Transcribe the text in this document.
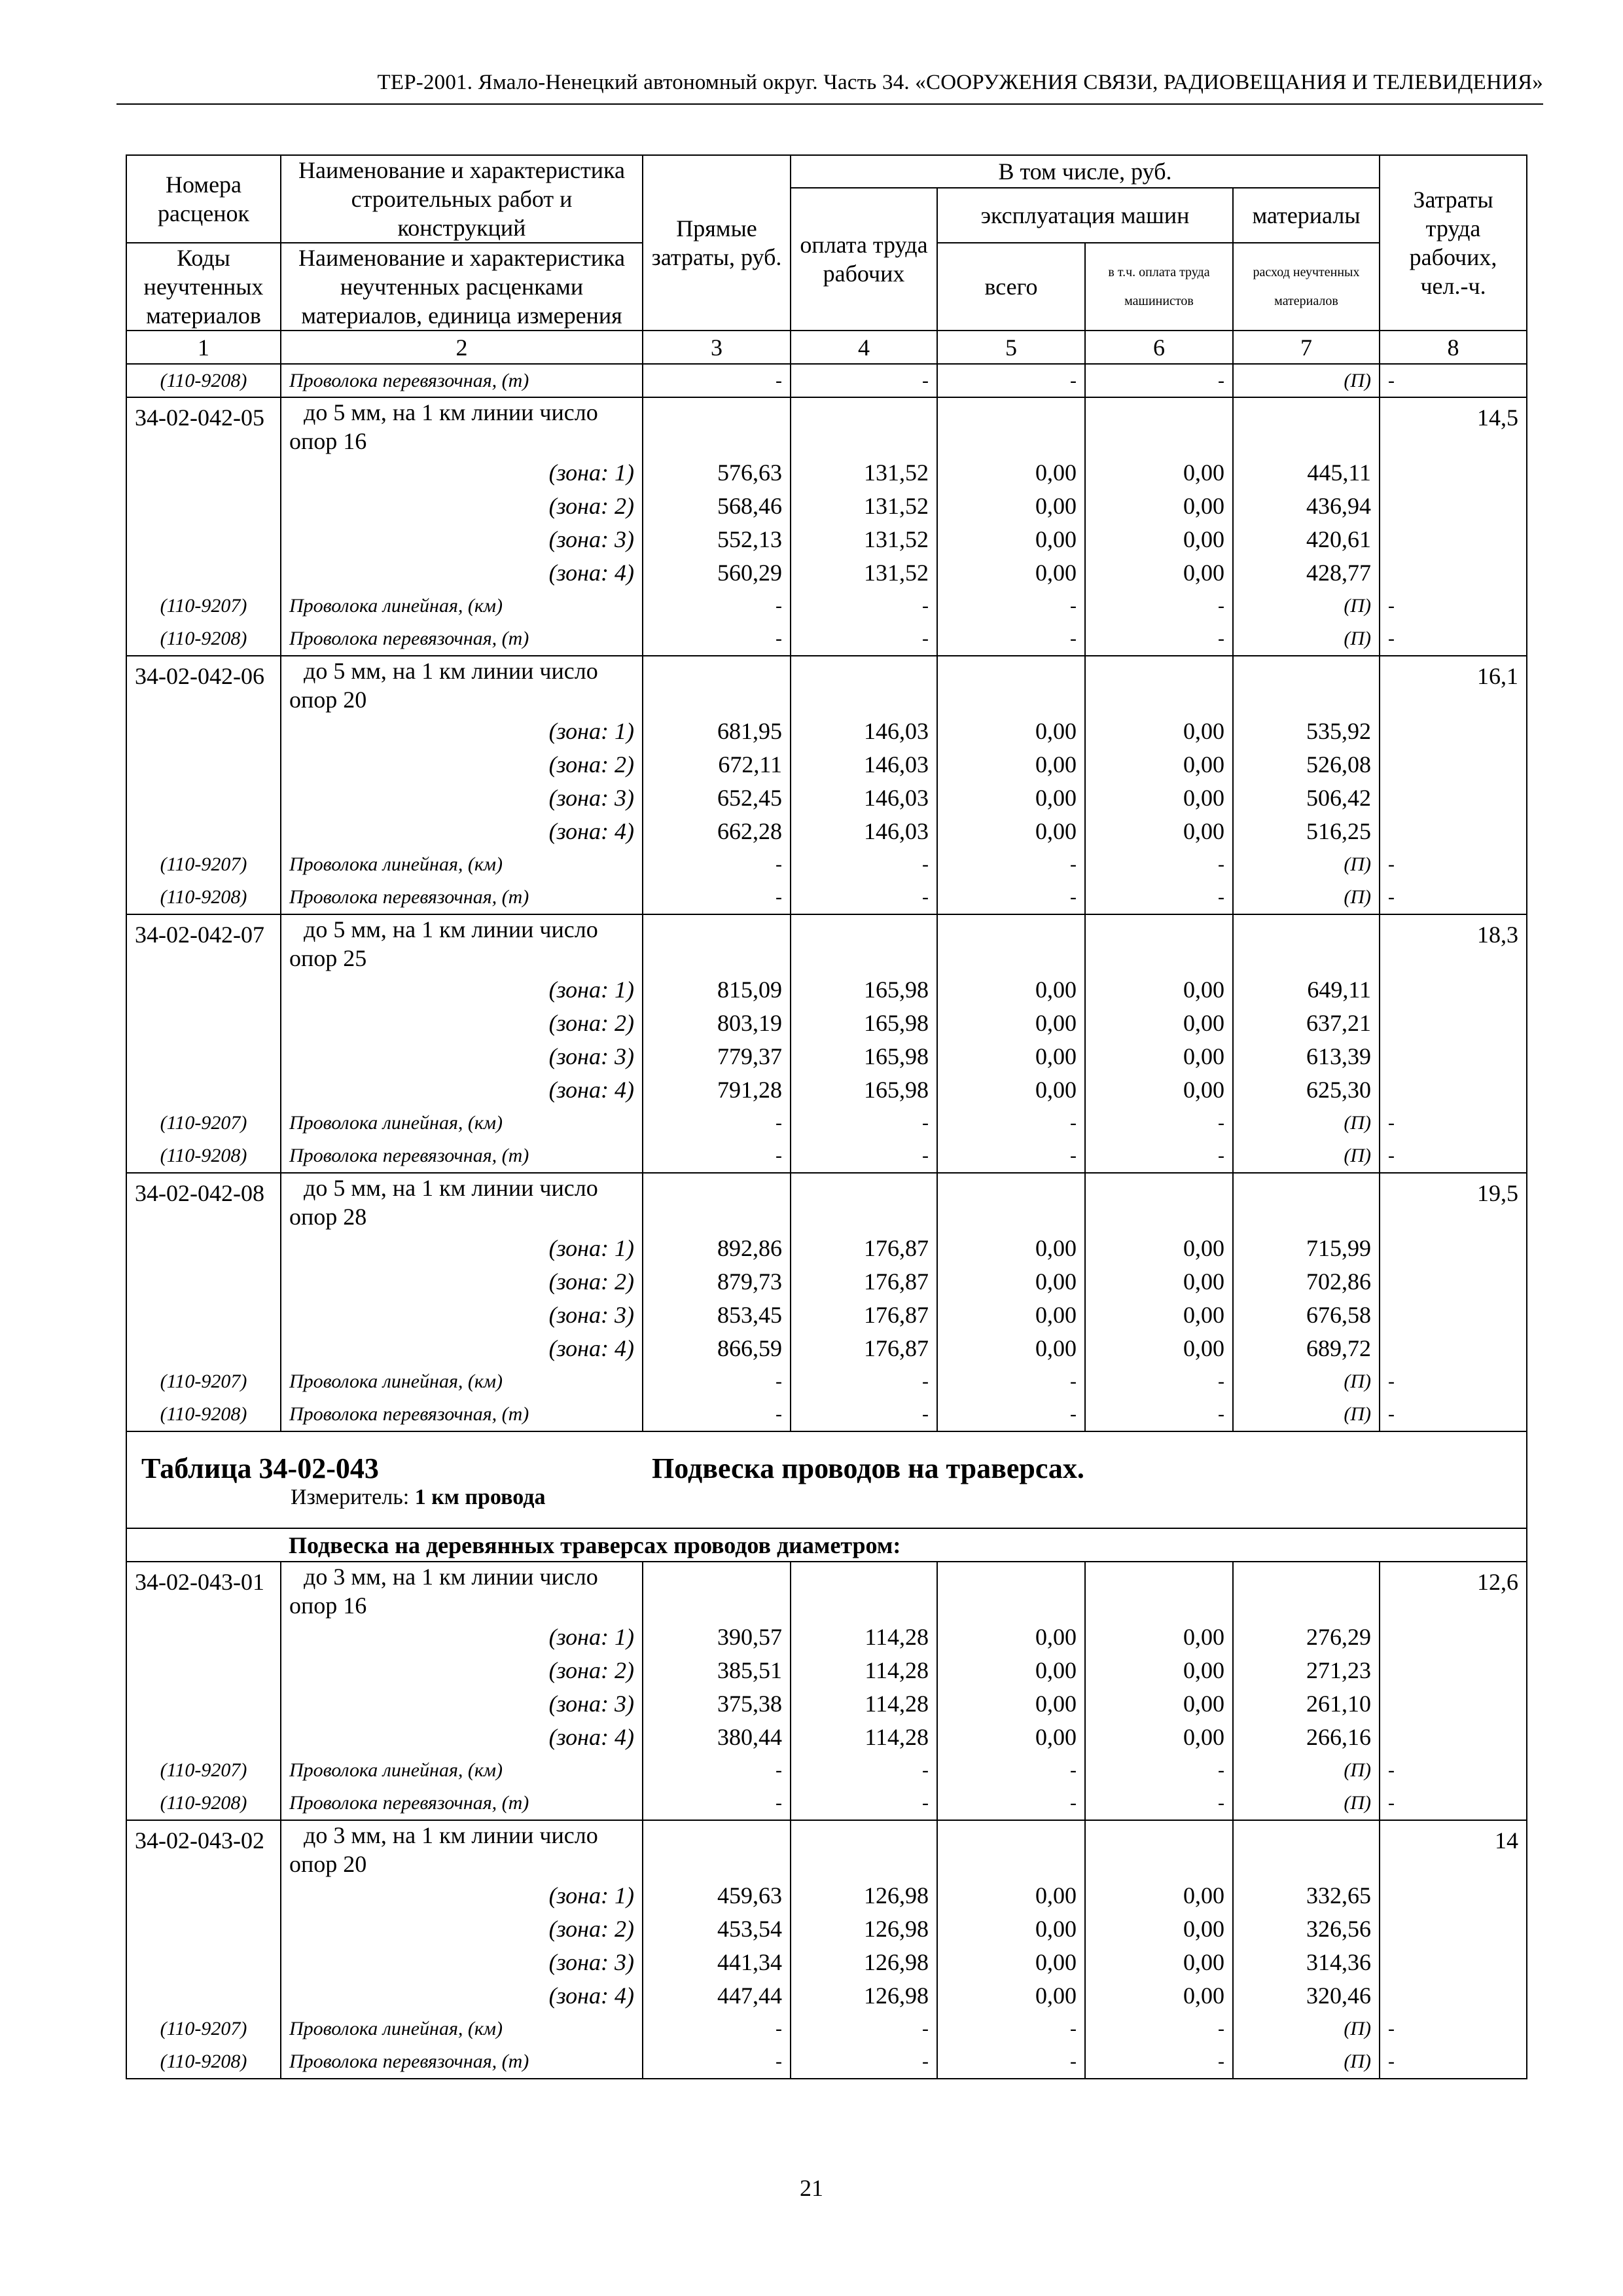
ТЕР-2001. Ямало-Ненецкий автономный округ. Часть 34. «СООРУЖЕНИЯ СВЯЗИ, РАДИОВЕЩАНИЯ И ТЕЛЕВИДЕНИЯ»
Номера расценок	Наименование и характеристика строительных работ и конструкций	Прямые затраты, руб.	В том числе, руб.				Затраты труда рабочих, чел.-ч.
			оплата труда рабочих	эксплуатация машин		материалы	
Коды неучтенных материалов	Наименование и характеристика неучтенных расценками материалов, единица измерения			всего	в т.ч. оплата труда машинистов	расход неучтенных материалов	
1	2	3	4	5	6	7	8
(110-9208)	Проволока перевязочная, (т)	-	-	-	-	(П)	-
34-02-042-05	до 5 мм, на 1 км линии число опор 16						14,5
	(зона: 1)	576,63	131,52	0,00	0,00	445,11	
	(зона: 2)	568,46	131,52	0,00	0,00	436,94	
	(зона: 3)	552,13	131,52	0,00	0,00	420,61	
	(зона: 4)	560,29	131,52	0,00	0,00	428,77	
(110-9207)	Проволока линейная, (км)	-	-	-	-	(П)	-
(110-9208)	Проволока перевязочная, (т)	-	-	-	-	(П)	-
34-02-042-06	до 5 мм, на 1 км линии число опор 20						16,1
	(зона: 1)	681,95	146,03	0,00	0,00	535,92	
	(зона: 2)	672,11	146,03	0,00	0,00	526,08	
	(зона: 3)	652,45	146,03	0,00	0,00	506,42	
	(зона: 4)	662,28	146,03	0,00	0,00	516,25	
(110-9207)	Проволока линейная, (км)	-	-	-	-	(П)	-
(110-9208)	Проволока перевязочная, (т)	-	-	-	-	(П)	-
34-02-042-07	до 5 мм, на 1 км линии число опор 25						18,3
	(зона: 1)	815,09	165,98	0,00	0,00	649,11	
	(зона: 2)	803,19	165,98	0,00	0,00	637,21	
	(зона: 3)	779,37	165,98	0,00	0,00	613,39	
	(зона: 4)	791,28	165,98	0,00	0,00	625,30	
(110-9207)	Проволока линейная, (км)	-	-	-	-	(П)	-
(110-9208)	Проволока перевязочная, (т)	-	-	-	-	(П)	-
34-02-042-08	до 5 мм, на 1 км линии число опор 28						19,5
	(зона: 1)	892,86	176,87	0,00	0,00	715,99	
	(зона: 2)	879,73	176,87	0,00	0,00	702,86	
	(зона: 3)	853,45	176,87	0,00	0,00	676,58	
	(зона: 4)	866,59	176,87	0,00	0,00	689,72	
(110-9207)	Проволока линейная, (км)	-	-	-	-	(П)	-
(110-9208)	Проволока перевязочная, (т)	-	-	-	-	(П)	-

Таблица 34-02-043 Подвеска проводов на траверсах.
Измеритель: 1 км провода							

	Подвеска на деревянных траверсах проводов диаметром:						
34-02-043-01	до 3 мм, на 1 км линии число опор 16						12,6
	(зона: 1)	390,57	114,28	0,00	0,00	276,29	
	(зона: 2)	385,51	114,28	0,00	0,00	271,23	
	(зона: 3)	375,38	114,28	0,00	0,00	261,10	
	(зона: 4)	380,44	114,28	0,00	0,00	266,16	
(110-9207)	Проволока линейная, (км)	-	-	-	-	(П)	-
(110-9208)	Проволока перевязочная, (т)	-	-	-	-	(П)	-
34-02-043-02	до 3 мм, на 1 км линии число опор 20						14
	(зона: 1)	459,63	126,98	0,00	0,00	332,65	
	(зона: 2)	453,54	126,98	0,00	0,00	326,56	
	(зона: 3)	441,34	126,98	0,00	0,00	314,36	
	(зона: 4)	447,44	126,98	0,00	0,00	320,46	
(110-9207)	Проволока линейная, (км)	-	-	-	-	(П)	-
(110-9208)	Проволока перевязочная, (т)	-	-	-	-	(П)	-
21
